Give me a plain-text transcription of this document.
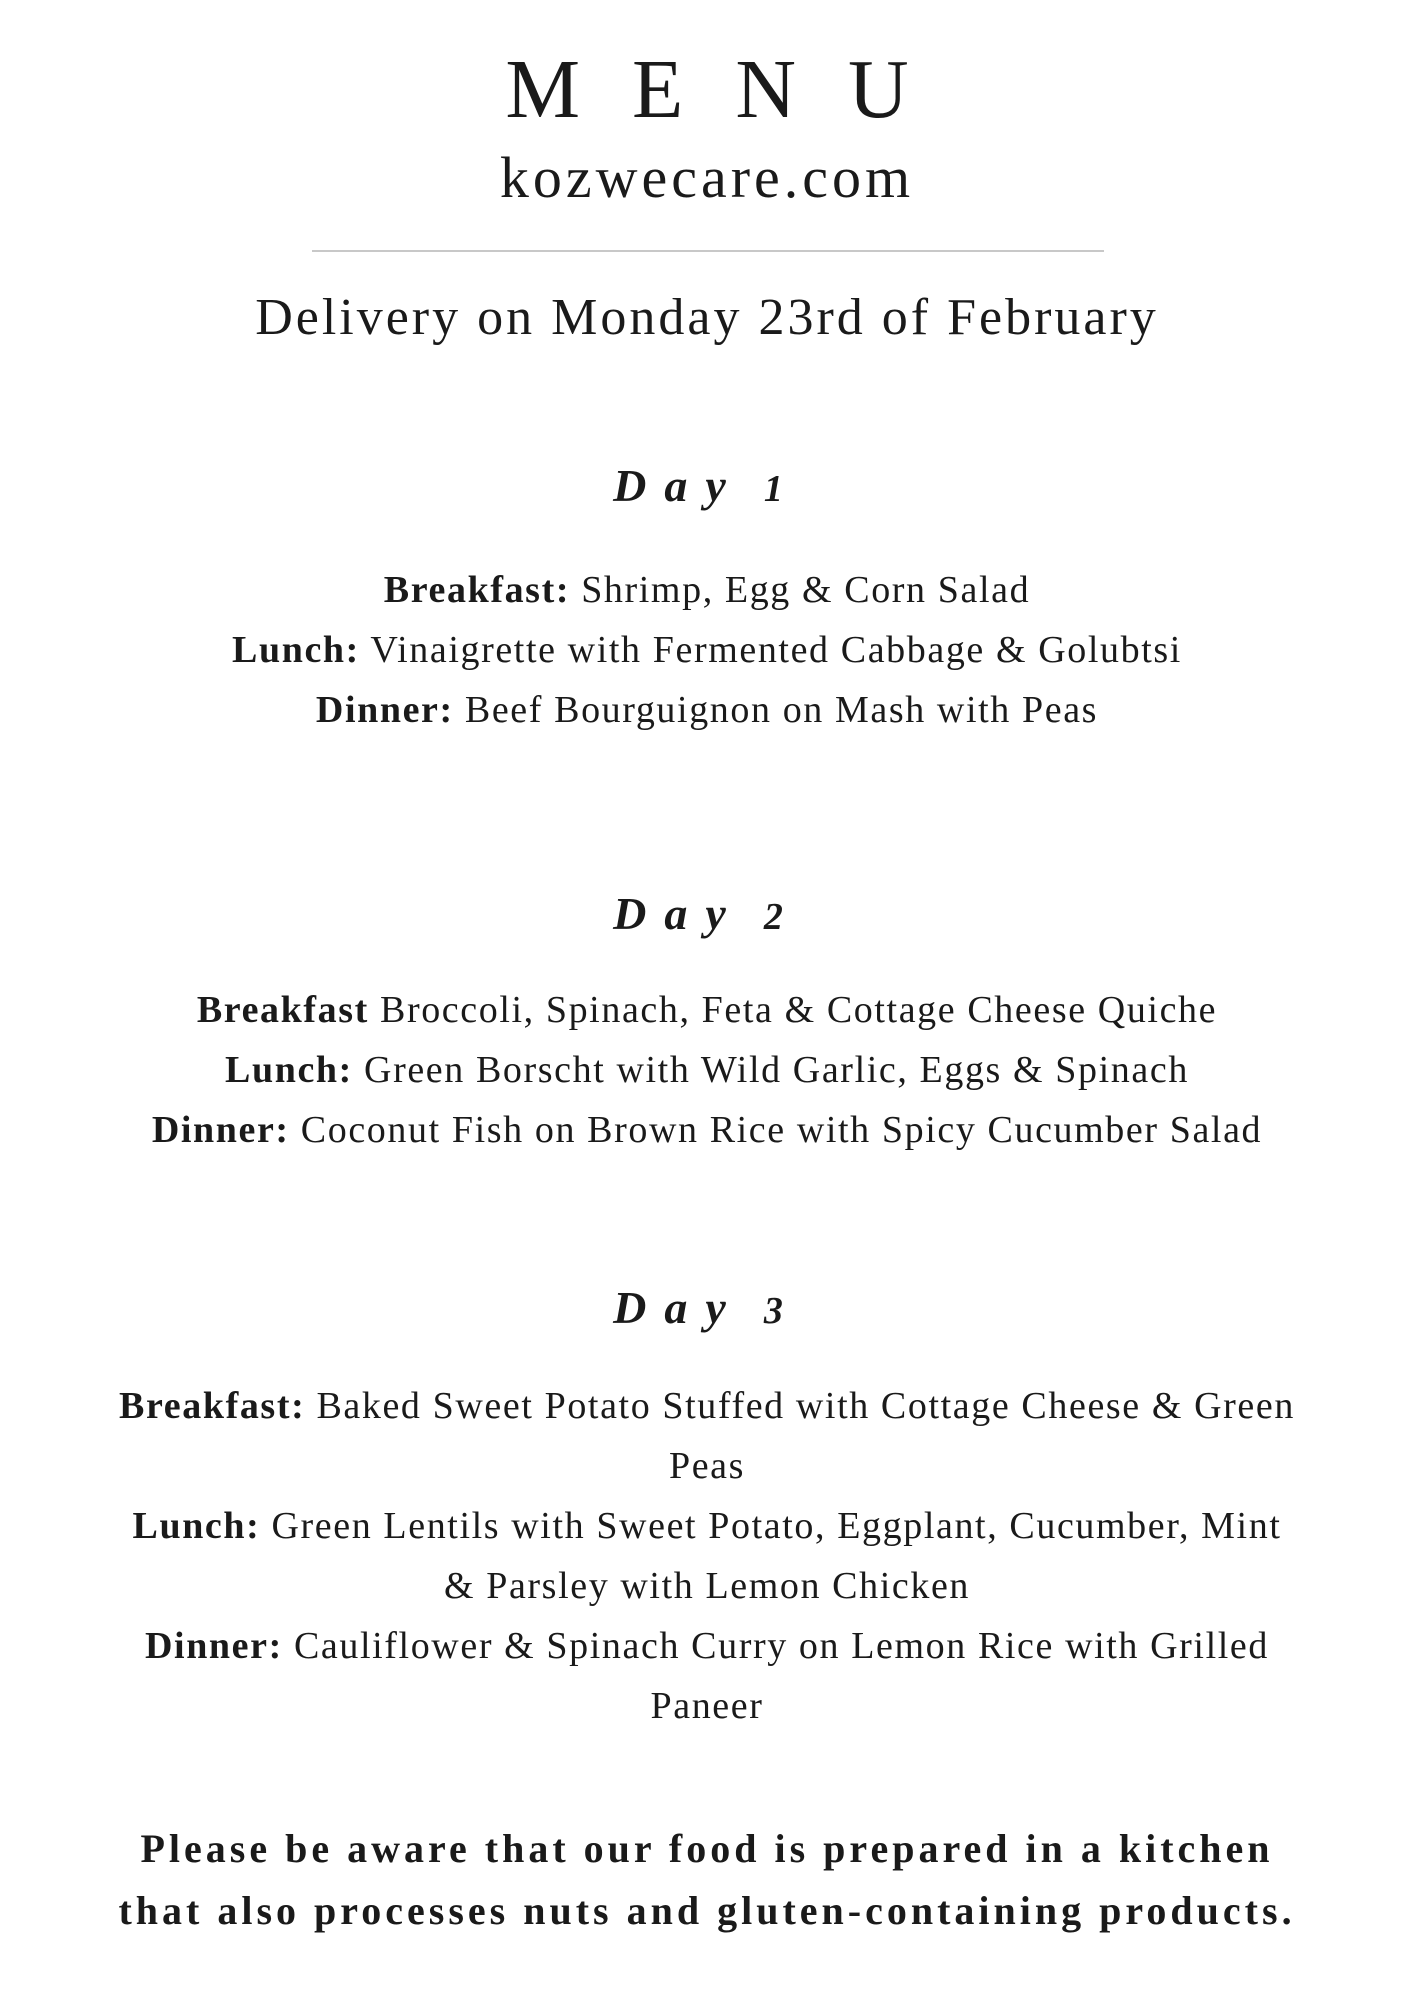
MENU
kozwecare.com
Delivery on Monday 23rd of February
Day 1
Breakfast: Shrimp, Egg & Corn Salad
Lunch: Vinaigrette with Fermented Cabbage & Golubtsi
Dinner: Beef Bourguignon on Mash with Peas
Day 2
Breakfast Broccoli, Spinach, Feta & Cottage Cheese Quiche
Lunch: Green Borscht with Wild Garlic, Eggs & Spinach
Dinner: Coconut Fish on Brown Rice with Spicy Cucumber Salad
Day 3
Breakfast: Baked Sweet Potato Stuffed with Cottage Cheese & Green
Peas
Lunch: Green Lentils with Sweet Potato, Eggplant, Cucumber, Mint
& Parsley with Lemon Chicken
Dinner: Cauliflower & Spinach Curry on Lemon Rice with Grilled
Paneer
Please be aware that our food is prepared in a kitchen
that also processes nuts and gluten-containing products.
